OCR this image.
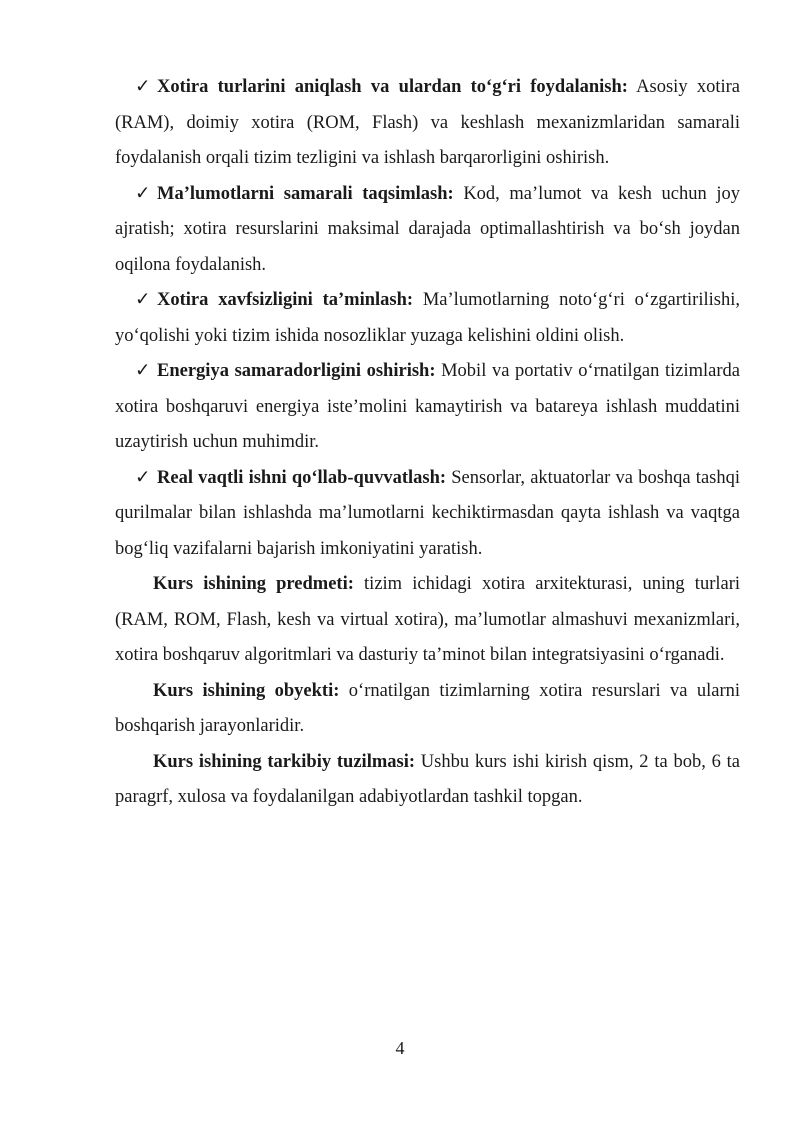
✓ Xotira turlarini aniqlash va ulardan to‘g‘ri foydalanish: Asosiy xotira (RAM), doimiy xotira (ROM, Flash) va keshlash mexanizmlaridan samarali foydalanish orqali tizim tezligini va ishlash barqarorligini oshirish.

✓ Ma’lumotlarni samarali taqsimlash: Kod, ma’lumot va kesh uchun joy ajratish; xotira resurslarini maksimal darajada optimallashtirish va bo‘sh joydan oqilona foydalanish.

✓ Xotira xavfsizligini ta’minlash: Ma’lumotlarning noto‘g‘ri o‘zgartirilishi, yo‘qolishi yoki tizim ishida nosozliklar yuzaga kelishini oldini olish.

✓ Energiya samaradorligini oshirish: Mobil va portativ o‘rnatilgan tizimlarda xotira boshqaruvi energiya iste’molini kamaytirish va batareya ishlash muddatini uzaytirish uchun muhimdir.

✓ Real vaqtli ishni qo‘llab-quvvatlash: Sensorlar, aktuatorlar va boshqa tashqi qurilmalar bilan ishlashda ma’lumotlarni kechiktirmasdan qayta ishlash va vaqtga bog‘liq vazifalarni bajarish imkoniyatini yaratish.

Kurs ishining predmeti: tizim ichidagi xotira arxitekturasi, uning turlari (RAM, ROM, Flash, kesh va virtual xotira), ma’lumotlar almashuvi mexanizmlari, xotira boshqaruv algoritmlari va dasturiy ta’minot bilan integratsiyasini o‘rganadi.

Kurs ishining obyekti: o‘rnatilgan tizimlarning xotira resurslari va ularni boshqarish jarayonlaridir.

Kurs ishining tarkibiy tuzilmasi: Ushbu kurs ishi kirish qism, 2 ta bob, 6 ta paragrf, xulosa va foydalanilgan adabiyotlardan tashkil topgan.

4
